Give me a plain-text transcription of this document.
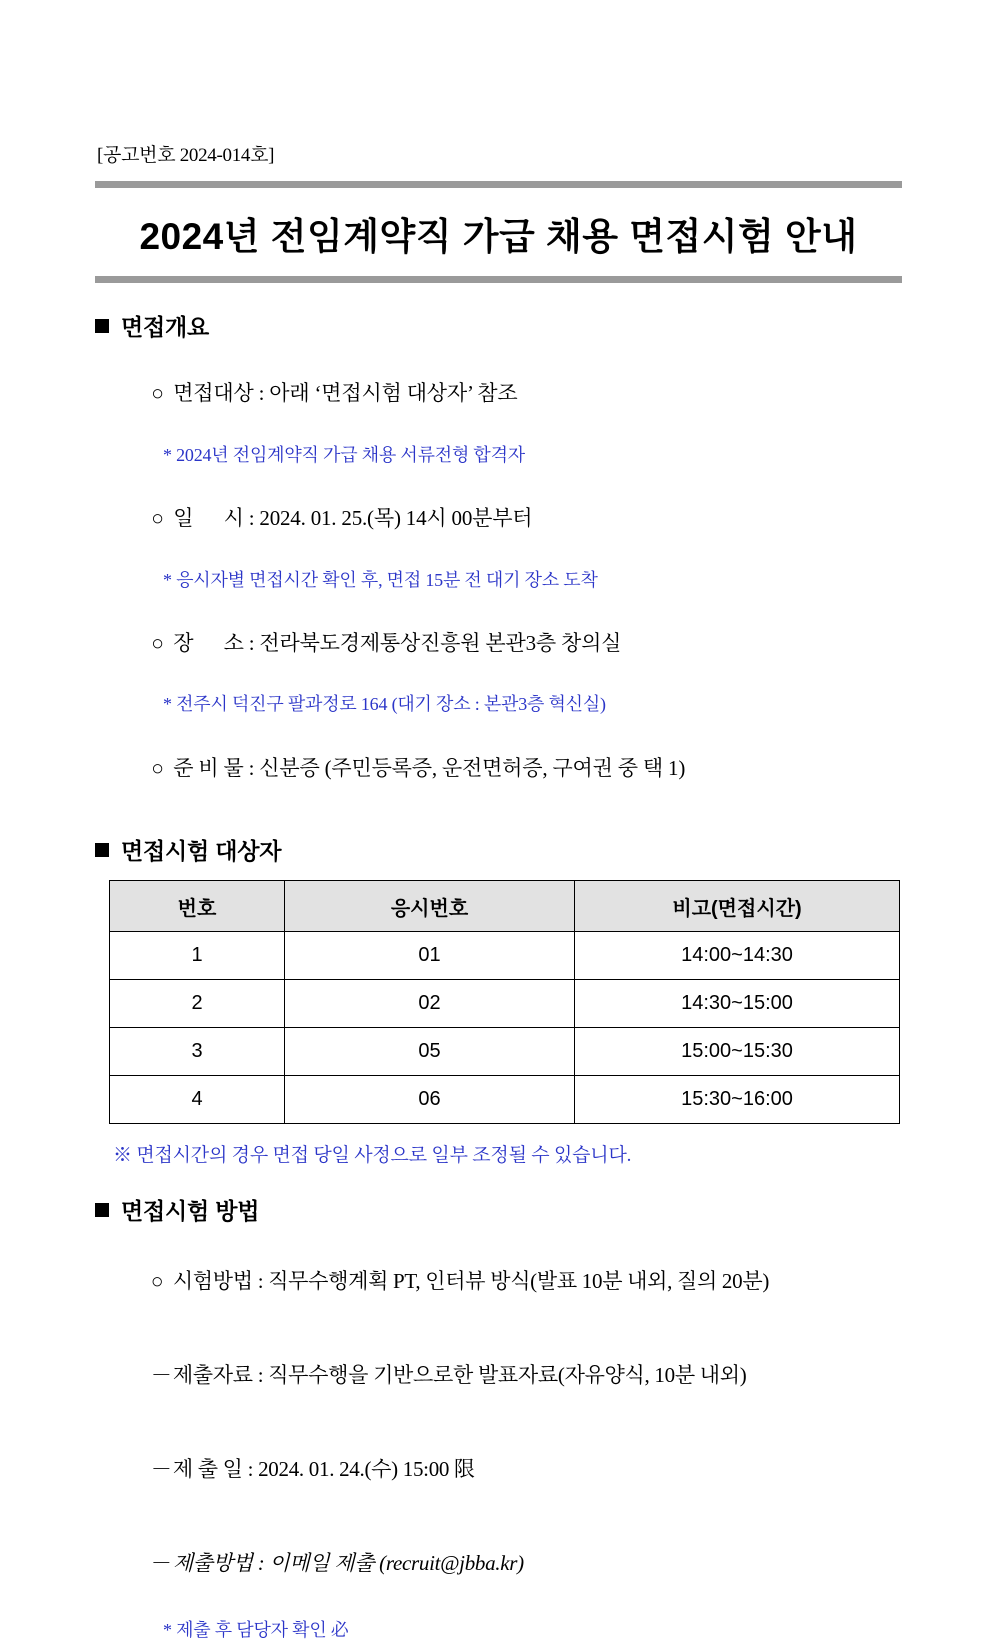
[공고번호 2024-014호]
2024년 전임계약직 가급 채용 면접시험 안내
면접개요

○ 면접대상 : 아래 ‘면접시험 대상자’ 참조

* 2024년 전임계약직 가급 채용 서류전형 합격자

○ 일      시 : 2024. 01. 25.(목) 14시 00분부터

* 응시자별 면접시간 확인 후, 면접 15분 전 대기 장소 도착

○ 장      소 : 전라북도경제통상진흥원 본관3층 창의실

* 전주시 덕진구 팔과정로 164 (대기 장소 : 본관3층 혁신실)

○ 준 비 물 : 신분증 (주민등록증, 운전면허증, 구여권 중 택 1)

면접시험 대상자
번호	응시번호	비고(면접시간)
1	01	14:00~14:30
2	02	14:30~15:00
3	05	15:00~15:30
4	06	15:30~16:00
※ 면접시간의 경우 면접 당일 사정으로 일부 조정될 수 있습니다.
면접시험 방법

○ 시험방법 : 직무수행계획 PT, 인터뷰 방식(발표 10분 내외, 질의 20분)

－제출자료 : 직무수행을 기반으로한 발표자료(자유양식, 10분 내외)

－제 출 일 : 2024. 01. 24.(수) 15:00 限

－제출방법 : 이메일 제출 (recruit@jbba.kr)

* 제출 후 담당자 확인 必
